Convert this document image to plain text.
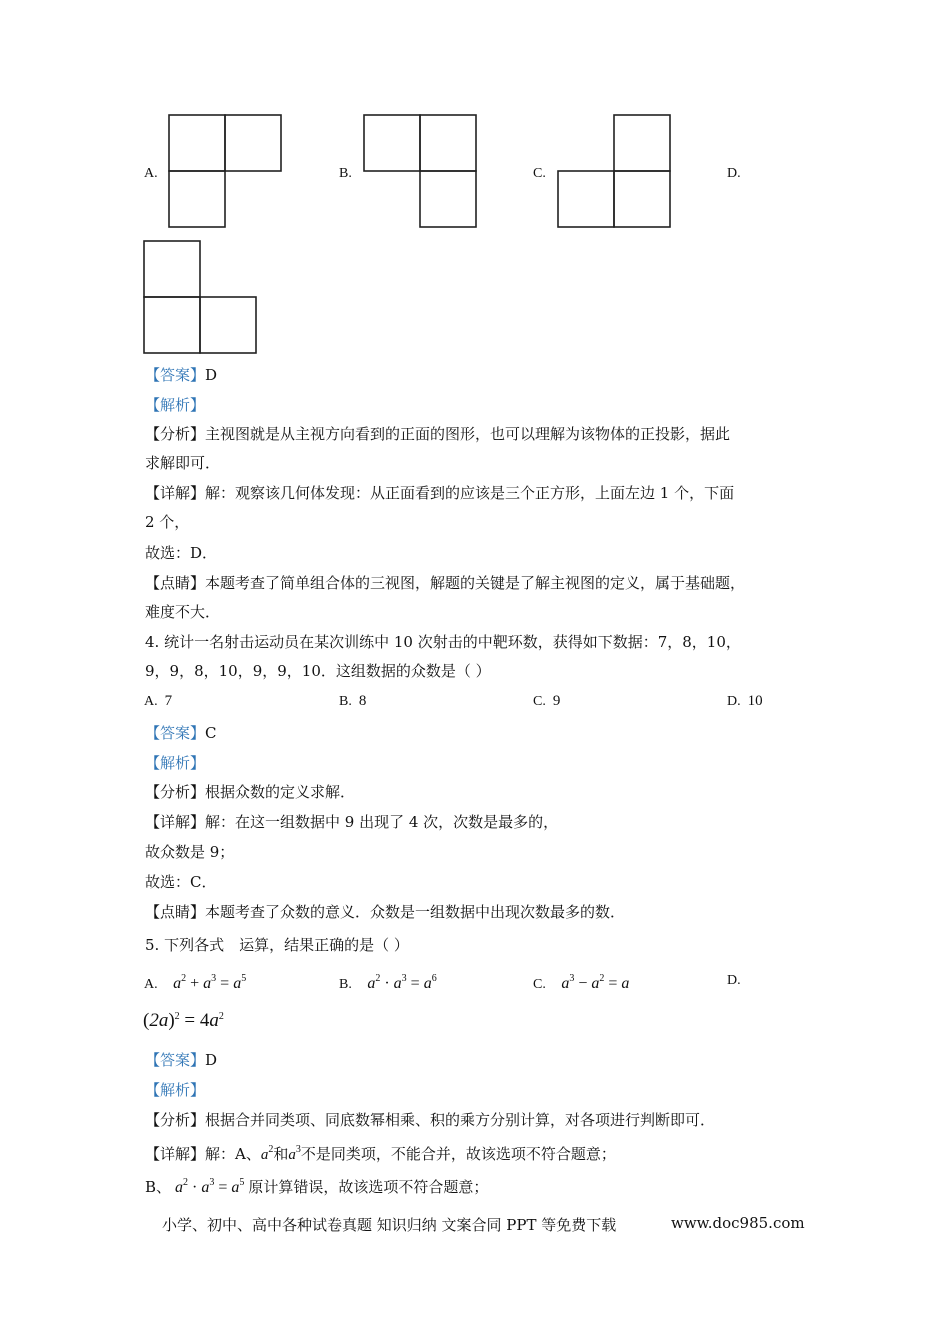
A.	B.	C.	D.
【答案】D
【解析】
【分析】主视图就是从主视方向看到的正面的图形，也可以理解为该物体的正投影，据此
求解即可．
【详解】解：观察该几何体发现：从正面看到的应该是三个正方形，上面左边 1 个，下面
2 个，
故选：D．
【点睛】本题考查了简单组合体的三视图，解题的关键是了解主视图的定义，属于基础题，
难度不大．
4. 统计一名射击运动员在某次训练中 10 次射击的中靶环数，获得如下数据：7，8，10，
9，9，8，10，9，9，10．这组数据的众数是（ ）
A. 7	B. 8	C. 9	D. 10
【答案】C
【解析】
【分析】根据众数的定义求解．
【详解】解：在这一组数据中 9 出现了 4 次，次数是最多的，
故众数是 9；
故选：C．
【点睛】本题考查了众数的意义．众数是一组数据中出现次数最多的数．
5. 下列各式　运算，结果正确的是（ ）
A. $a^2 + a^3 = a^5$	B. $a^2 \cdot a^3 = a^6$	C. $a^3 - a^2 = a$	D.
$(2a)^2 = 4a^2$
【答案】D
【解析】
【分析】根据合并同类项、同底数幂相乘、积的乘方分别计算，对各项进行判断即可．
【详解】解：A、$a^2$和$a^3$不是同类项，不能合并，故该选项不符合题意；
B、 $a^2 \cdot a^3 = a^5$ 原计算错误，故该选项不符合题意；
小学、初中、高中各种试卷真题 知识归纳 文案合同 PPT 等免费下载	www.doc985.com
